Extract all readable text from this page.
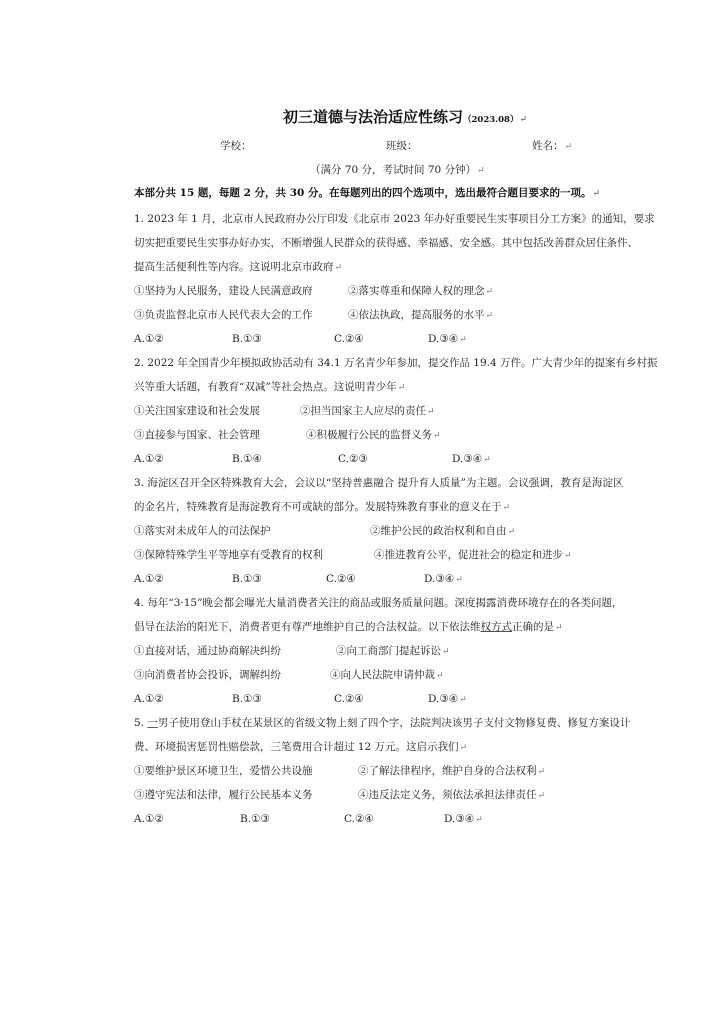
初三道德与法治适应性练习（2023.08）↵
学校：	班级：	姓名：↵
（满分 70 分，考试时间 70 分钟）↵
本部分共 15 题，每题 2 分，共 30 分。在每题列出的四个选项中，选出最符合题目要求的一项。↵
1. 2023 年 1 月，北京市人民政府办公厅印发《北京市 2023 年办好重要民生实事项目分工方案》的通知，要求
切实把重要民生实事办好办实，不断增强人民群众的获得感、幸福感、安全感。其中包括改善群众居住条件、
提高生活便利性等内容。这说明北京市政府↵
①坚持为人民服务，建设人民满意政府	②落实尊重和保障人权的理念↵
③负责监督北京市人民代表大会的工作	④依法执政，提高服务的水平↵
A.①②	B.①③	C.②④	D.③④↵
2. 2022 年全国青少年模拟政协活动有 34.1 万名青少年参加，提交作品 19.4 万件。广大青少年的提案有乡村振
兴等重大话题，有教育“双减”等社会热点。这说明青少年↵
①关注国家建设和社会发展	②担当国家主人应尽的责任↵
③直接参与国家、社会管理	④积极履行公民的监督义务↵
A.①②	B.①④	C.②③	D.③④↵
3. 海淀区召开全区特殊教育大会，会议以“坚持普惠融合 提升育人质量”为主题。会议强调，教育是海淀区
的金名片，特殊教育是海淀教育不可或缺的部分。发展特殊教育事业的意义在于↵
①落实对未成年人的司法保护	②维护公民的政治权利和自由↵
③保障特殊学生平等地享有受教育的权利	④推进教育公平，促进社会的稳定和进步↵
A.①②	B.①③	C.②④	D.③④↵
4. 每年“3·15”晚会都会曝光大量消费者关注的商品或服务质量问题。深度揭露消费环境存在的各类问题，
倡导在法治的阳光下，消费者更有尊严地维护自己的合法权益。以下依法维权方式正确的是↵
①直接对话，通过协商解决纠纷	②向工商部门提起诉讼↵
③向消费者协会投诉，调解纠纷	④向人民法院申请仲裁↵
A.①②	B.①③	C.②④	D.③④↵
5. 一男子使用登山手杖在某景区的省级文物上刻了四个字，法院判决该男子支付文物修复费、修复方案设计
费、环境损害惩罚性赔偿款，三笔费用合计超过 12 万元。这启示我们↵
①要维护景区环境卫生，爱惜公共设施	②了解法律程序，维护自身的合法权利↵
③遵守宪法和法律，履行公民基本义务	④违反法定义务，须依法承担法律责任↵
A.①②	B.①③	C.②④	D.③④↵
